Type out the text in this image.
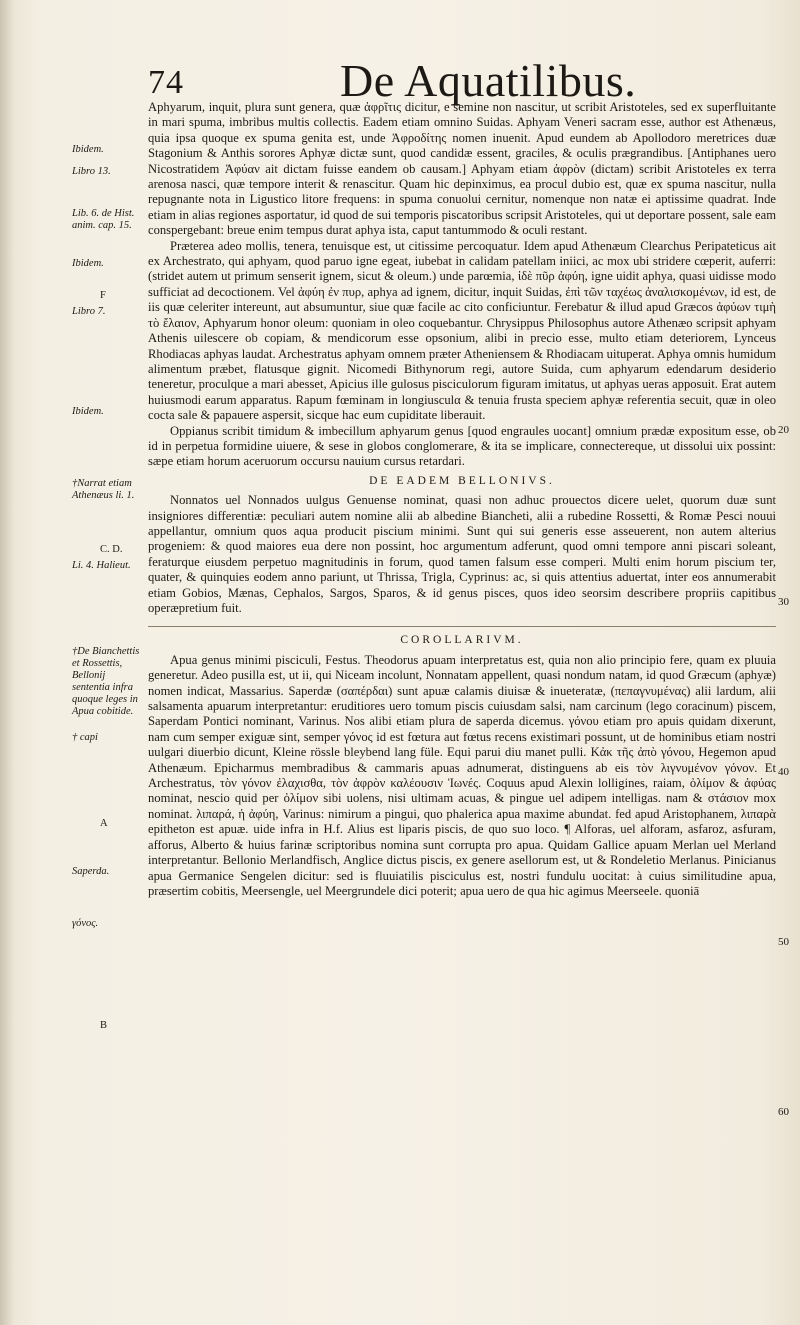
74	De Aquatilibus.

Aphyarum, inquit, plura sunt genera, quæ ἀφρῖτις dicitur, e semine non nascitur, ut scribit Aristoteles, sed ex superfluitante in mari spuma, imbribus multis collectis. Eadem etiam omnino Suidas. Aphyam Veneri sacram esse, author est Athenæus, quia ipsa quoque ex spuma genita est, unde Ἀφροδίτης nomen inuenit. Apud eundem ab Apollodoro meretrices duæ Stagonium & Anthis sorores Aphyæ dictæ sunt, quod candidæ essent, graciles, & oculis prægrandibus. [Antiphanes uero Nicostratidem Ἀφύαν ait dictam fuisse eandem ob causam.] Aphyam etiam ἀφρὸν (dictam) scribit Aristoteles ex terra arenosa nasci, quæ tempore interit & renascitur. Quam hic depinximus, ea procul dubio est, quæ ex spuma nascitur, nulla repugnante nota in Ligustico litore frequens: in spuma conuolui cernitur, nomenque non natæ ei aptissime quadrat. Inde etiam in alias regiones asportatur, id quod de sui temporis piscatoribus scripsit Aristoteles, qui ut deportare possent, sale eam conspergebant: breue enim tempus durat aphya ista, caput tantummodo & oculi restant.

Præterea adeo mollis, tenera, tenuisque est, ut citissime percoquatur. Idem apud Athenæum Clearchus Peripateticus ait ex Archestrato, qui aphyam, quod paruo igne egeat, iubebat in calidam patellam iniici, ac mox ubi stridere cœperit, auferri: (stridet autem ut primum senserit ignem, sicut & oleum.) unde parœmia, ἰδὲ πῦρ ἀφύη, igne uidit aphya, quasi uidisse modo sufficiat ad decoctionem. Vel ἀφύη ἐν πυρ, aphya ad ignem, dicitur, inquit Suidas, ἐπὶ τῶν ταχέως ἀναλισκομένων, id est, de iis quæ celeriter intereunt, aut absumuntur, siue quæ facile ac cito conficiuntur. Ferebatur & illud apud Græcos ἀφύων τιμὴ τὸ ἔλαιον, Aphyarum honor oleum: quoniam in oleo coquebantur. Chrysippus Philosophus autore Athenæo scripsit aphyam Athenis uilescere ob copiam, & mendicorum esse opsonium, alibi in precio esse, multo etiam deteriorem, Lynceus Rhodiacas aphyas laudat. Archestratus aphyam omnem præter Atheniensem & Rhodiacam uituperat. Aphya omnis humidum alimentum præbet, flatusque gignit. Nicomedi Bithynorum regi, autore Suida, cum aphyarum edendarum desiderio teneretur, proculque a mari abesset, Apicius ille gulosus pisciculorum figuram imitatus, ut aphyas ueras apposuit. Erat autem huiusmodi earum apparatus. Rapum fœminam in longiusculα & tenuia frusta speciem aphyæ referentia secuit, quæ in oleo cocta sale & papauere aspersit, sicque hac eum cupiditate liberauit.

Oppianus scribit timidum & imbecillum aphyarum genus [quod engraules uocant] omnium prædæ expositum esse, ob id in perpetua formidine uiuere, & sese in globos conglomerare, & ita se implicare, connectereque, ut dissolui uix possint: sæpe etiam horum aceruorum occursu nauium cursus retardari.

DE EADEM BELLONIVS.

Nonnatos uel Nonnados uulgus Genuense nominat, quasi non adhuc prouectos dicere uelet, quorum duæ sunt insigniores differentiæ: peculiari autem nomine alii ab albedine Biancheti, alii a rubedine Rossetti, & Romæ Pesci nouui appellantur, omnium quos aqua producit piscium minimi. Sunt qui sui generis esse asseuerent, non autem alterius progeniem: & quod maiores eua dere non possint, hoc argumentum adferunt, quod omni tempore anni piscari soleant, feraturque eiusdem perpetuo magnitudinis in forum, quod tamen falsum esse comperi. Multi enim horum piscium ter, quater, & quinquies eodem anno pariunt, ut Thrissa, Trigla, Cyprinus: ac, si quis attentius aduertat, inter eos annumerabit etiam Gobios, Mænas, Cephalos, Sargos, Sparos, & id genus pisces, quos ideo seorsim describere propriis capitibus operæpretium fuit.

COROLLARIVM.

Apua genus minimi pisciculi, Festus. Theodorus apuam interpretatus est, quia non alio principio fere, quam ex pluuia generetur. Adeo pusilla est, ut ii, qui Niceam incolunt, Nonnatam appellent, quasi nondum natam, id quod Græcum (aphyæ) nomen indicat, Massarius. Saperdæ (σαπέρδαι) sunt apuæ calamis diuisæ & inueteratæ, (πεπαγνυμένας) alii lardum, alii salsamenta apuarum interpretantur: eruditiores uero tomum piscis cuiusdam salsi, nam carcinum (lego coracinum) piscem, Saperdam Pontici nominant, Varinus. Nos alibi etiam plura de saperda dicemus. γόνου etiam pro apuis quidam dixerunt, nam cum semper exiguæ sint, semper γόνος id est fœtura aut fœtus recens existimari possunt, ut de hominibus etiam nostri uulgari diuerbio dicunt, Kleine rössle bleybend lang füle. Equi parui diu manet pulli. Κἀκ τῆς ἀπὸ γόνου, Hegemon apud Athenæum. Epicharmus membradibus & cammaris apuas adnumerat, distinguens ab eis τὸν λιγνυμένον γόνον. Et Archestratus, τὸν γόνον ἐλαχισθα, τὸν ἀφρὸν καλέουσιν Ἰωνές. Coquus apud Alexin lolligines, raiam, ὀλίμον & ἀφύας nominat, nescio quid per ὀλίμον sibi uolens, nisi ultimam acuas, & pingue uel adipem intelligas. nam & στάσιον mox nominat. λιπαρά, ἡ ἀφύη, Varinus: nimirum a pingui, quo phalerica apua maxime abundat. fed apud Aristophanem, λιπαρὰ epitheton est apuæ. uide infra in H.f. Alius est liparis piscis, de quo suo loco. ¶ Alforas, uel alforam, asfaroz, asfuram, afforus, Alberto & huius farinæ scriptoribus nomina sunt corrupta pro apua. Quidam Gallice apuam Merlan uel Merland interpretantur. Bellonio Merlandfisch, Anglice dictus piscis, ex genere asellorum est, ut & Rondeletio Merlanus. Pinicianus apua Germanice Sengelen dicitur: sed is fluuiatilis pisciculus est, nostri fundulu uocitat: à cuius similitudine apua, præsertim cobitis, Meersengle, uel Meergrundele dici poterit; apua uero de qua hic agimus Meerseele. quoniā

Ibidem.
Libro 13.
Lib. 6. de Hist. anim. cap. 15.
Ibidem.
F
Libro 7.
Ibidem.
†Narrat etiam Athenæus li. 1.
C. D.
Li. 4. Halieut.
†De Bianchettis et Rossettis, Bellonij sententia infra quoque leges in Apua cobitide.
† capi
A
Saperda.
γόνος.
B
20
30
40
50
60
